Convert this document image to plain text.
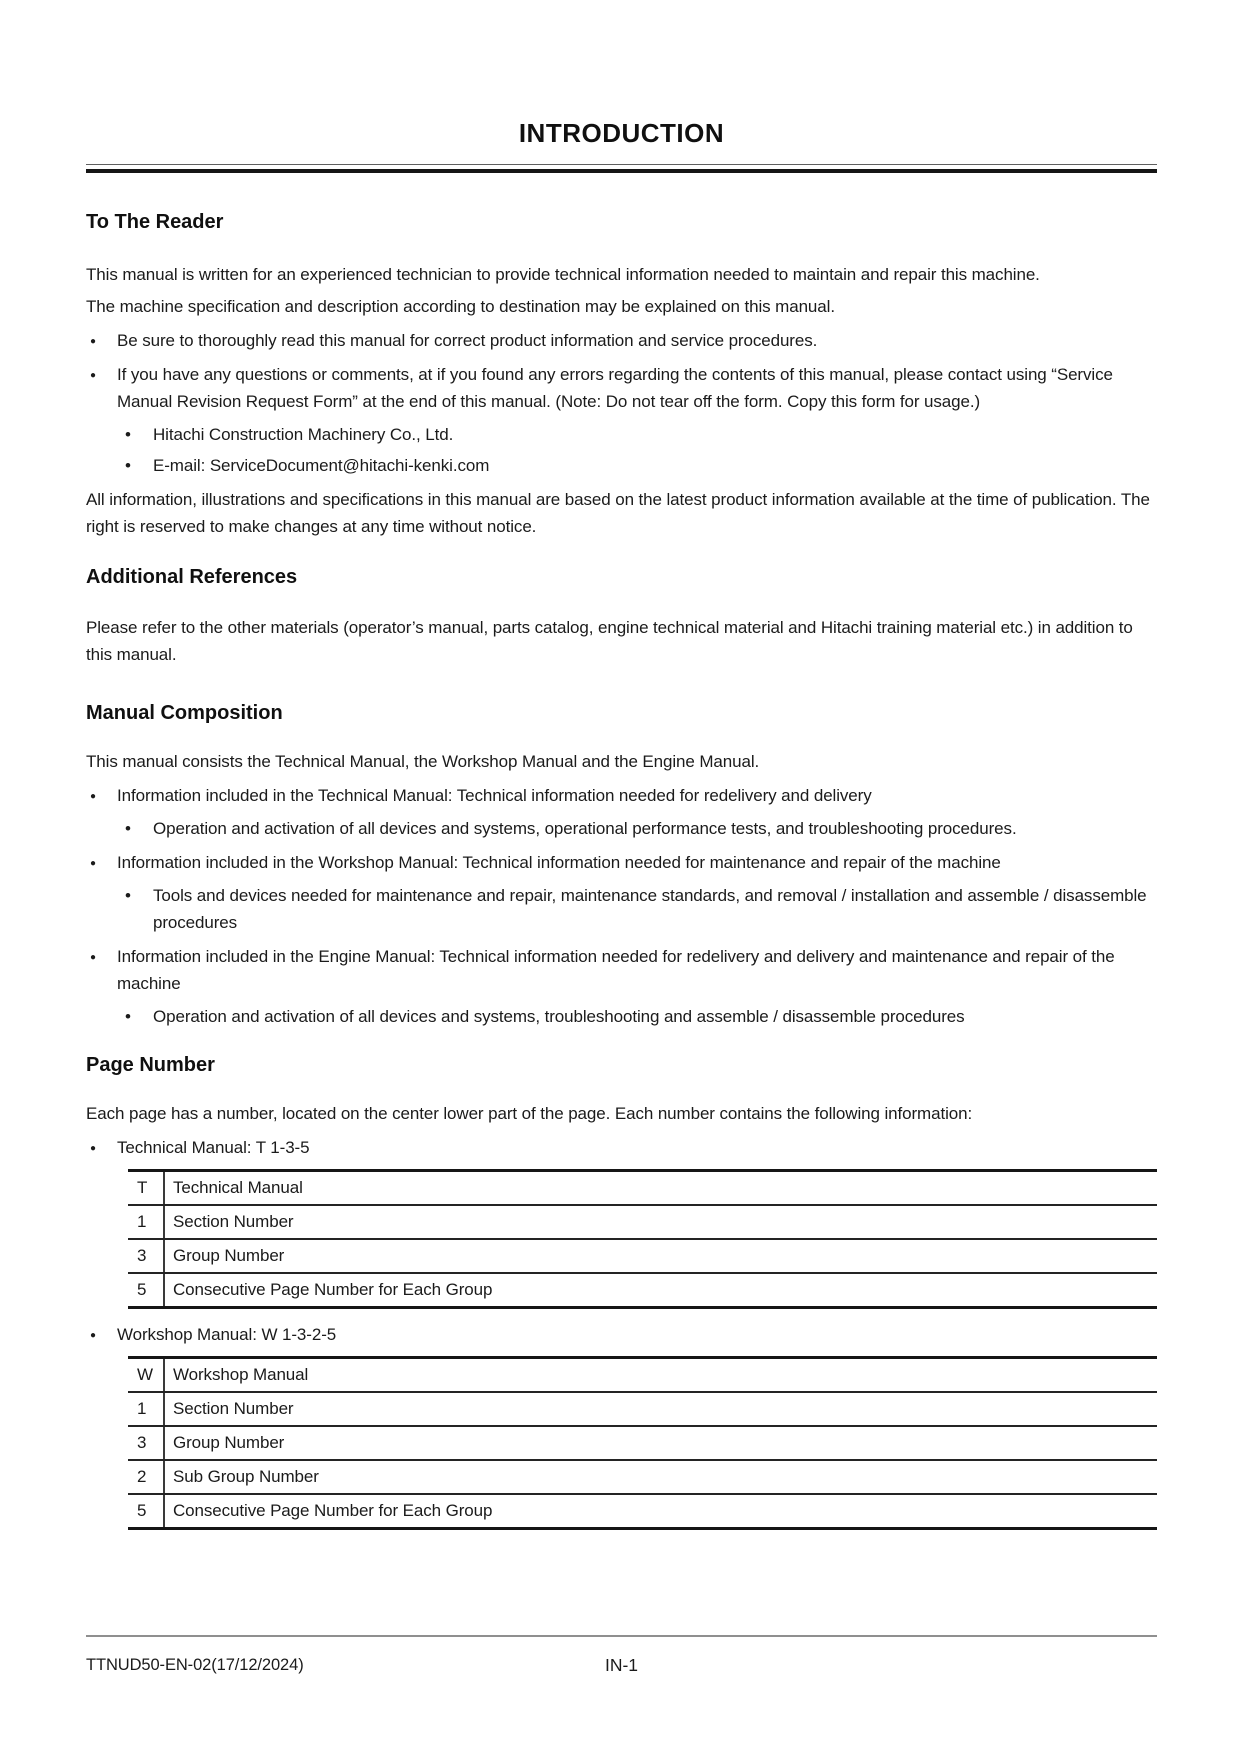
INTRODUCTION
To The Reader

This manual is written for an experienced technician to provide technical information needed to maintain and repair this machine.

The machine specification and description according to destination may be explained on this manual.

●
Be sure to thoroughly read this manual for correct product information and service procedures.
●
If you have any questions or comments, at if you found any errors regarding the contents of this manual, please contact using “Service Manual Revision Request Form” at the end of this manual. (Note: Do not tear off the form. Copy this form for usage.)
•
Hitachi Construction Machinery Co., Ltd.
•
E-mail: ServiceDocument@hitachi-kenki.com

All information, illustrations and specifications in this manual are based on the latest product information available at the time of publication. The right is reserved to make changes at any time without notice.

Additional References

Please refer to the other materials (operator’s manual, parts catalog, engine technical material and Hitachi training material etc.) in addition to this manual.

Manual Composition

This manual consists the Technical Manual, the Workshop Manual and the Engine Manual.

●
Information included in the Technical Manual: Technical information needed for redelivery and delivery
•
Operation and activation of all devices and systems, operational performance tests, and troubleshooting procedures.
●
Information included in the Workshop Manual: Technical information needed for maintenance and repair of the machine
•
Tools and devices needed for maintenance and repair, maintenance standards, and removal / installation and assemble / disassemble procedures
●
Information included in the Engine Manual: Technical information needed for redelivery and delivery and maintenance and repair of the machine
•
Operation and activation of all devices and systems, troubleshooting and assemble / disassemble procedures
Page Number

Each page has a number, located on the center lower part of the page. Each number contains the following information:

●
Technical Manual: T 1-3-5
T	Technical Manual
1	Section Number
3	Group Number
5	Consecutive Page Number for Each Group
●
Workshop Manual: W 1-3-2-5
W	Workshop Manual
1	Section Number
3	Group Number
2	Sub Group Number
5	Consecutive Page Number for Each Group
TTNUD50-EN-02(17/12/2024)	IN-1
